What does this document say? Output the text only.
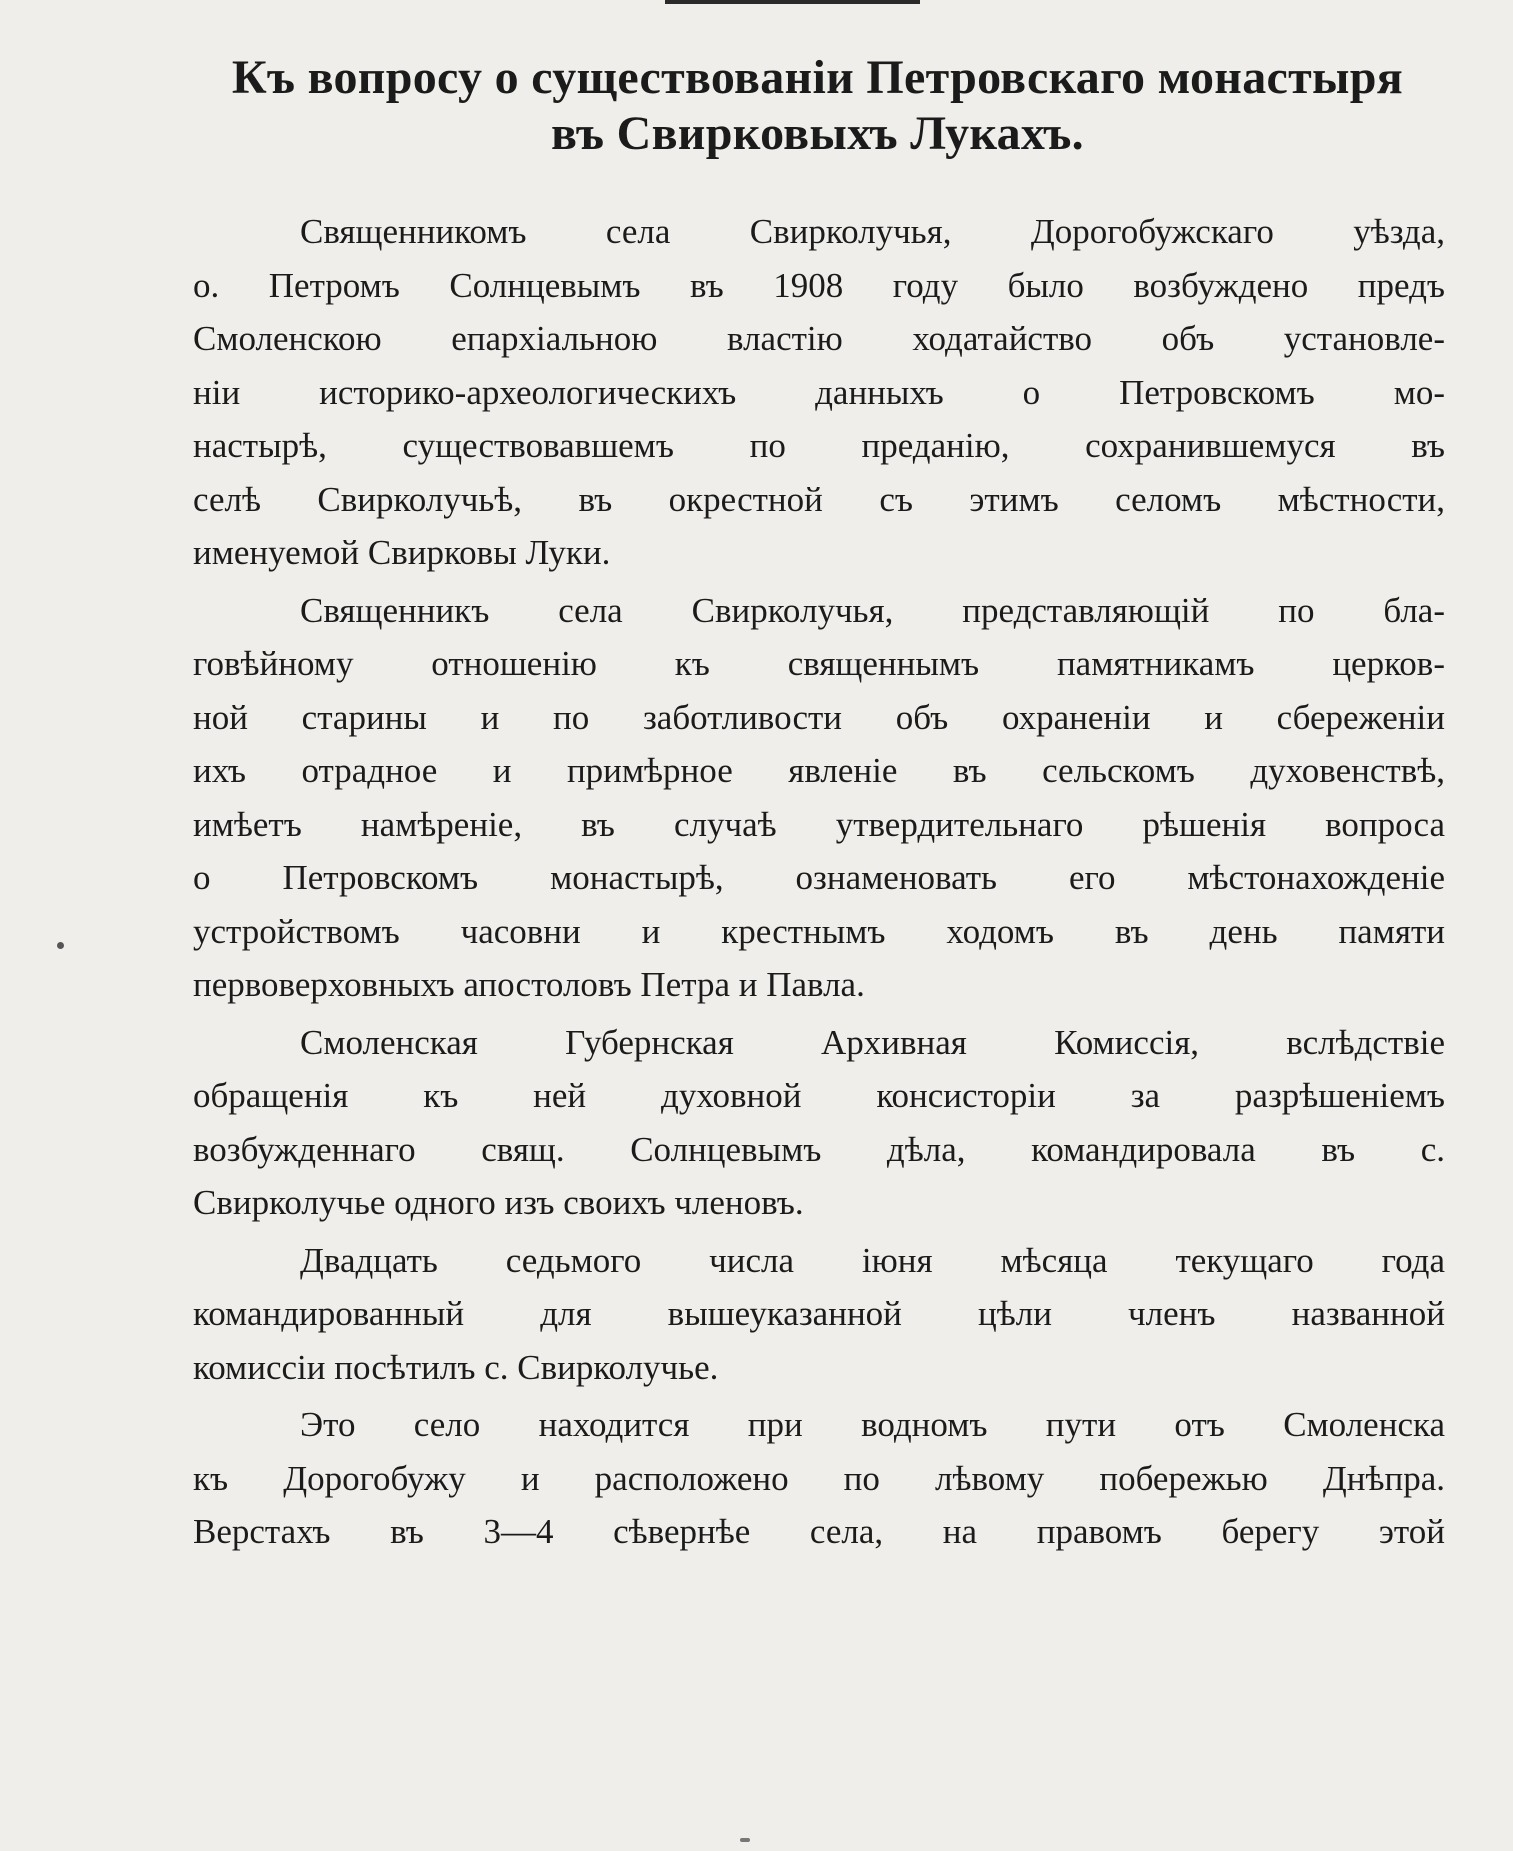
Къ вопросу о существованіи Петровскаго монастыря
въ Свирковыхъ Лукахъ.
Священникомъ села Свирколучья, Дорогобужскаго уѣзда,
о. Петромъ Солнцевымъ въ 1908 году было возбуждено предъ
Смоленскою епархіальною властію ходатайство объ установле-
ніи историко-археологическихъ данныхъ о Петровскомъ мо-
настырѣ, существовавшемъ по преданію, сохранившемуся въ
селѣ Свирколучьѣ, въ окрестной съ этимъ селомъ мѣстности,
именуемой Свирковы Луки.
Священникъ села Свирколучья, представляющій по бла-
говѣйному отношенію къ священнымъ памятникамъ церков-
ной старины и по заботливости объ охраненіи и сбереженіи
ихъ отрадное и примѣрное явленіе въ сельскомъ духовенствѣ,
имѣетъ намѣреніе, въ случаѣ утвердительнаго рѣшенія вопроса
о Петровскомъ монастырѣ, ознаменовать его мѣстонахожденіе
устройствомъ часовни и крестнымъ ходомъ въ день памяти
первоверховныхъ апостоловъ Петра и Павла.
Смоленская Губернская Архивная Комиссія, вслѣдствіе
обращенія къ ней духовной консисторіи за разрѣшеніемъ
возбужденнаго свящ. Солнцевымъ дѣла, командировала въ с.
Свирколучье одного изъ своихъ членовъ.
Двадцать седьмого числа іюня мѣсяца текущаго года
командированный для вышеуказанной цѣли членъ названной
комиссіи посѣтилъ с. Свирколучье.
Это село находится при водномъ пути отъ Смоленска
къ Дорогобужу и расположено по лѣвому побережью Днѣпра.
Верстахъ въ 3—4 сѣвернѣе села, на правомъ берегу этой
